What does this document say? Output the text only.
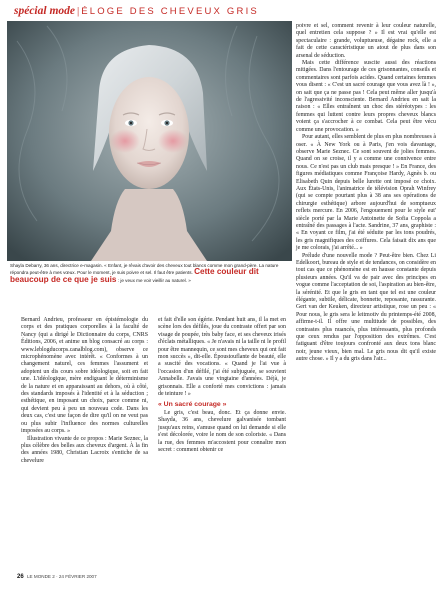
spécial mode | ÉLOGE DES CHEVEUX GRIS
Shayla Debarry, 36 ans, directrice e-magasin. « Enfant, je rêvais d'avoir des cheveux tout blancs comme mon grand-père. La nature répondra peut-être à mes vœux. Pour le moment, je suis poivre et sel. Il faut être patients. Cette couleur dit beaucoup de ce que je suis : je veux me voir vieillir au naturel. »

Bernard Andrieu, professeur en épistémologie du corps et des pratiques corporelles à la faculté de Nancy (qui a dirigé le Dictionnaire du corps, CNRS Éditions, 2006, et anime un blog consacré au corps : www.leblogducorps.canalblog.com), observe ce microphénomène avec intérêt. « Conformes à un changement naturel, ces femmes l'assument et adoptent un dis cours sobre idéologique, soit en fait une. L'idéologique, mère endiguant le déterminisme de la nature et en apparaissant au dehors, où à côté, des standards imposés à l'identité et à la séduction ; esthétique, en imposant un choix, parce comme ni, qui devient peu à peu un nouveau code. Dans les deux cas, c'est une façon de dire qu'il on ne veut pas ou plus subir l'influence des normes culturelles imposées au corps. »

Illustration vivante de ce propos : Marie Seznec, la plus célèbre des belles aux cheveux d'argent. À la fin des années 1980, Christian Lacroix s'entiche de sa chevelure

et fait d'elle son égérie. Pendant huit ans, il la met en scène lors des défilés, joue du contraste offert par son visage de poupée, très baby face, et ses cheveux irisés d'éclats métalliques. « Je n'avais ni la taille ni le profil pour être mannequin, ce sont mes cheveux qui ont fait mon succès », dit-elle. Époustouflante de beauté, elle a suscité des vocations. « Quand je l'ai vue à l'occasion d'un défilé, j'ai été subjuguée, se souvient Annabelle. J'avais une vingtaine d'années. Déjà, je grisonnais. Elle a conforté mes convictions : jamais de teinture ! »

« Un sacré courage »

Le gris, c'est beau, donc. Et ça donne envie. Shayda, 36 ans, chevelure galvanisée tombant jusqu'aux reins, s'amuse quand on lui demande si elle s'est décolorée, voire le nom de son coloriste. « Dans la rue, des femmes m'accostent pour connaître mon secret : comment obtenir ce

poivre et sel, comment revenir à leur couleur naturelle, quel entretien cela suppose ? » Il est vrai qu'elle est spectaculaire : grande, voluptueuse, dégaine rock, elle a fait de cette caractéristique un atout de plus dans son arsenal de séduction.

Mais cette différence suscite aussi des réactions mitigées. Dans l'entourage de ces grisonnantes, conseils et commentaires sont parfois acides. Quand certaines femmes vous disent : « C'est un sacré courage que vous avez là ! », on sait que ça ne passe pas ! Cela peut même aller jusqu'à de l'agressivité inconsciente. Bernard Andrieu en sait la raison : « Elles entraînent un choc des stéréotypes : les femmes qui luttent contre leurs propres cheveux blancs voient ça s'accrocher à ce combat. Cela peut être vécu comme une provocation. »

Pour autant, elles semblent de plus en plus nombreuses à oser. « À New York ou à Paris, j'en vois davantage, observe Marie Seznec. Ce sont souvent de jolies femmes. Quand on se croise, il y a comme une connivence entre nous. Ce n'est pas un club mais presque ! » En France, des figures médiatiques comme Françoise Hardy, Agnès b. ou Elisabeth Quin depuis belle lurette ont imposé ce choix. Aux États-Unis, l'animatrice de télévision Oprah Winfrey (qui se compte pourtant plus à 38 ans ses opérations de chirurgie esthétique) arbore aujourd'hui de somptueux reflets mercure. En 2006, l'engouement pour le style eut' siècle porté par la Marie Antoinette de Sofia Coppola a entraîné des passages à l'acte. Sandrine, 37 ans, graphiste : « En voyant ce film, j'ai été séduite par les tons poudrés, les gris magnifiques des coiffures. Cela faisait dix ans que je me colorais, j'ai arrêté... »

Prélude d'une nouvelle mode ? Peut-être bien. Chez Li Edelkoort, bureau de style et de tendances, on considère en tout cas que ce phénomène est en hausse constante depuis plusieurs années. Qu'il va de pair avec des principes en vogue comme l'acceptation de soi, l'aspiration au bien-être, la sérénité. Et que le gris en tant que tel est une couleur élégante, subtile, délicate, bonnette, reposante, rassurante. Gert van der Keuken, directeur artistique, rose un peu : « Pour nous, le gris sera le leitmotiv du printemps-été 2008, affirme-t-il. Il offre une multitude de possibles, des contrastes plus nuancés, plus intéressants, plus profonds que ceux rendus par l'opposition des extrêmes. C'est fatiguant d'être toujours confronté aux deux tons blanc noir, jeune vieux, bien mal. Le gris nous dit qu'il existe autre chose. » Il y a du gris dans l'air...

26 LE MONDE 2 · 24 FÉVRIER 2007
